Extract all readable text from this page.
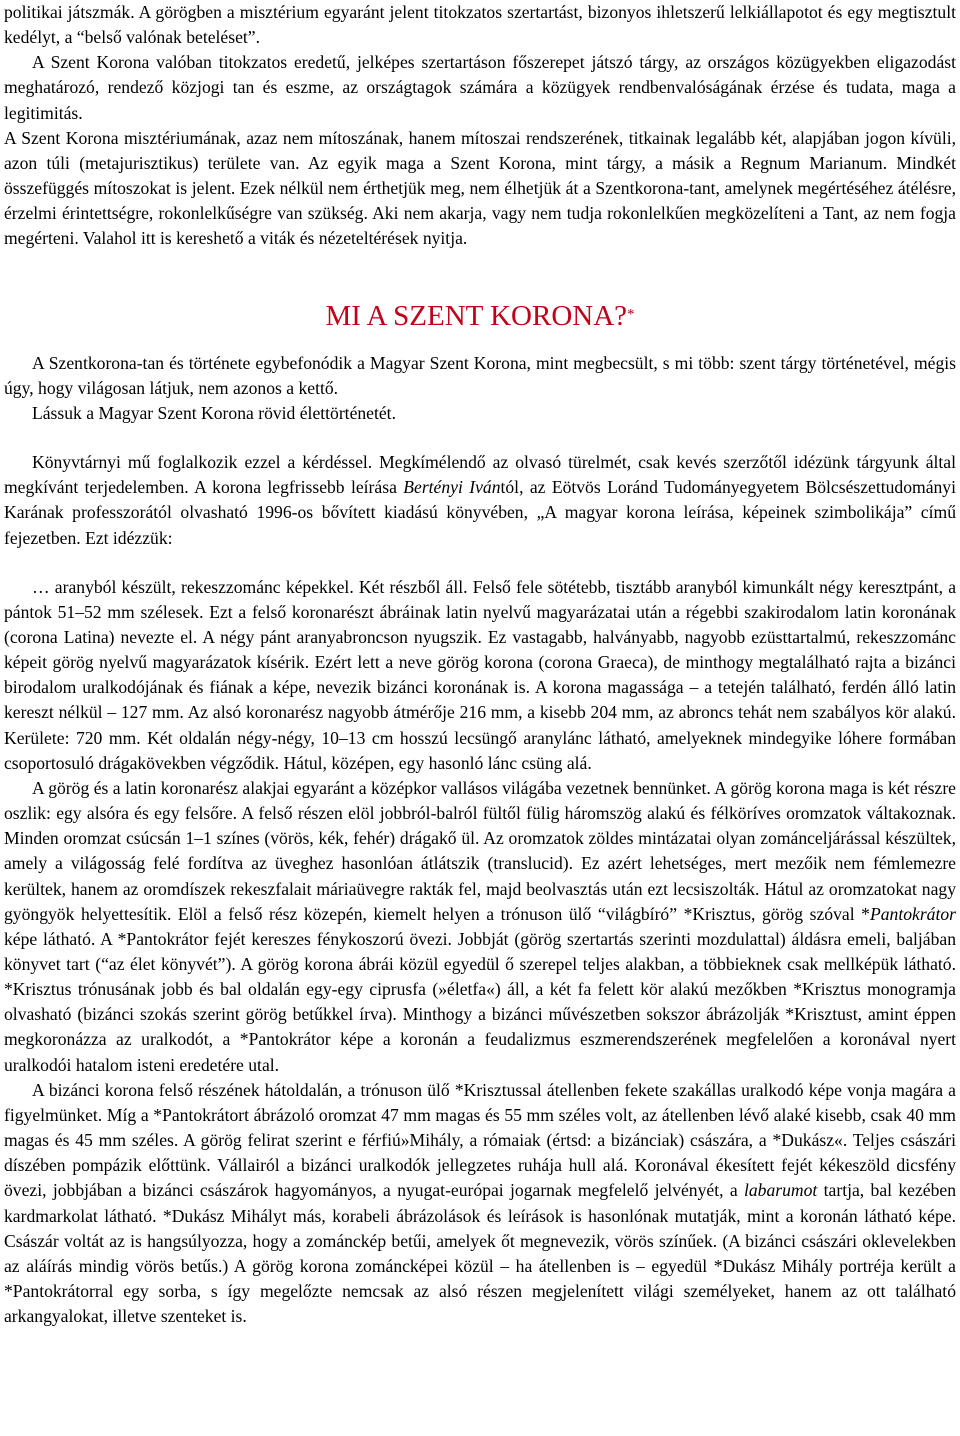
politikai játszmák. A görögben a misztérium egyaránt jelent titokzatos szertartást, bizonyos ihletszerű lelkiállapotot és egy megtisztult kedélyt, a “belső valónak beteléset”.

A Szent Korona valóban titokzatos eredetű, jelképes szertartáson főszerepet játszó tárgy, az országos közügyekben eligazodást meghatározó, rendező közjogi tan és eszme, az országtagok számára a közügyek rendbenvalóságának érzése és tudata, maga a legitimitás.

A Szent Korona misztériumának, azaz nem mítoszának, hanem mítoszai rendszerének, titkainak legalább két, alapjában jogon kívüli, azon túli (metajurisztikus) területe van. Az egyik maga a Szent Korona, mint tárgy, a másik a Regnum Marianum. Mindkét összefüggés mítoszokat is jelent. Ezek nélkül nem érthetjük meg, nem élhetjük át a Szentkorona-tant, amelynek megértéséhez átélésre, érzelmi érintettségre, rokonlelkűségre van szükség. Aki nem akarja, vagy nem tudja rokonlelkűen megközelíteni a Tant, az nem fogja megérteni. Valahol itt is kereshető a viták és nézeteltérések nyitja.

MI A SZENT KORONA?*

A Szentkorona-tan és története egybefonódik a Magyar Szent Korona, mint megbecsült, s mi több: szent tárgy történetével, mégis úgy, hogy világosan látjuk, nem azonos a kettő.

Lássuk a Magyar Szent Korona rövid élettörténetét.

Könyvtárnyi mű foglalkozik ezzel a kérdéssel. Megkímélendő az olvasó türelmét, csak kevés szerzőtől idézünk tárgyunk által megkívánt terjedelemben. A korona legfrissebb leírása Bertényi Ivántól, az Eötvös Loránd Tudományegyetem Bölcsészettudományi Karának professzorától olvasható 1996-os bővített kiadású könyvében, „A magyar korona leírása, képeinek szimbolikája” című fejezetben. Ezt idézzük:

… aranyból készült, rekeszzománc képekkel. Két részből áll. Felső fele sötétebb, tisztább aranyból kimunkált négy keresztpánt, a pántok 51–52 mm szélesek. Ezt a felső koronarészt ábráinak latin nyelvű magyarázatai után a régebbi szakirodalom latin koronának (corona Latina) nevezte el. A négy pánt aranyabroncson nyugszik. Ez vastagabb, halványabb, nagyobb ezüsttartalmú, rekeszzománc képeit görög nyelvű magyarázatok kísérik. Ezért lett a neve görög korona (corona Graeca), de minthogy megtalálható rajta a bizánci birodalom uralkodójának és fiának a képe, nevezik bizánci koronának is. A korona magassága – a tetején található, ferdén álló latin kereszt nélkül – 127 mm. Az alsó koronarész nagyobb átmérője 216 mm, a kisebb 204 mm, az abroncs tehát nem szabályos kör alakú. Kerülete: 720 mm. Két oldalán négy-négy, 10–13 cm hosszú lecsüngő aranylánc látható, amelyeknek mindegyike lóhere formában csoportosuló drágakövekben végződik. Hátul, középen, egy hasonló lánc csüng alá.

A görög és a latin koronarész alakjai egyaránt a középkor vallásos világába vezetnek bennünket. A görög korona maga is két részre oszlik: egy alsóra és egy felsőre. A felső részen elöl jobbról-balról fültől fülig háromszög alakú és félköríves oromzatok váltakoznak. Minden oromzat csúcsán 1–1 színes (vörös, kék, fehér) drágakő ül. Az oromzatok zöldes mintázatai olyan zománceljárással készültek, amely a világosság felé fordítva az üveghez hasonlóan átlátszik (translucid). Ez azért lehetséges, mert mezőik nem fémlemezre kerültek, hanem az oromdíszek rekeszfalait máriaüvegre rakták fel, majd beolvasztás után ezt lecsiszolták. Hátul az oromzatokat nagy gyöngyök helyettesítik. Elöl a felső rész közepén, kiemelt helyen a trónuson ülő “világbíró” *Krisztus, görög szóval *Pantokrátor képe látható. A *Pantokrátor fejét kereszes fénykoszorú övezi. Jobbját (görög szertartás szerinti mozdulattal) áldásra emeli, baljában könyvet tart (“az élet könyvét”). A görög korona ábrái közül egyedül ő szerepel teljes alakban, a többieknek csak mellképük látható. *Krisztus trónusának jobb és bal oldalán egy-egy ciprusfa (»életfa«) áll, a két fa felett kör alakú mezőkben *Krisztus monogramja olvasható (bizánci szokás szerint görög betűkkel írva). Minthogy a bizánci művészetben sokszor ábrázolják *Krisztust, amint éppen megkoronázza az uralkodót, a *Pantokrátor képe a koronán a feudalizmus eszmerendszerének megfelelően a koronával nyert uralkodói hatalom isteni eredetére utal.

A bizánci korona felső részének hátoldalán, a trónuson ülő *Krisztussal átellenben fekete szakállas uralkodó képe vonja magára a figyelmünket. Míg a *Pantokrátort ábrázoló oromzat 47 mm magas és 55 mm széles volt, az átellenben lévő alaké kisebb, csak 40 mm magas és 45 mm széles. A görög felirat szerint e férfiú»Mihály, a rómaiak (értsd: a bizánciak) császára, a *Dukász«. Teljes császári díszében pompázik előttünk. Vállairól a bizánci uralkodók jellegzetes ruhája hull alá. Koronával ékesített fejét kékeszöld dicsfény övezi, jobbjában a bizánci császárok hagyományos, a nyugat-európai jogarnak megfelelő jelvényét, a labarumot tartja, bal kezében kardmarkolat látható. *Dukász Mihályt más, korabeli ábrázolások és leírások is hasonlónak mutatják, mint a koronán látható képe. Császár voltát az is hangsúlyozza, hogy a zománckép betűi, amelyek őt megnevezik, vörös színűek. (A bizánci császári oklevelekben az aláírás mindig vörös betűs.) A görög korona zománcképei közül – ha átellenben is – egyedül *Dukász Mihály portréja került a *Pantokrátorral egy sorba, s így megelőzte nemcsak az alsó részen megjelenített világi személyeket, hanem az ott található arkangyalokat, illetve szenteket is.
